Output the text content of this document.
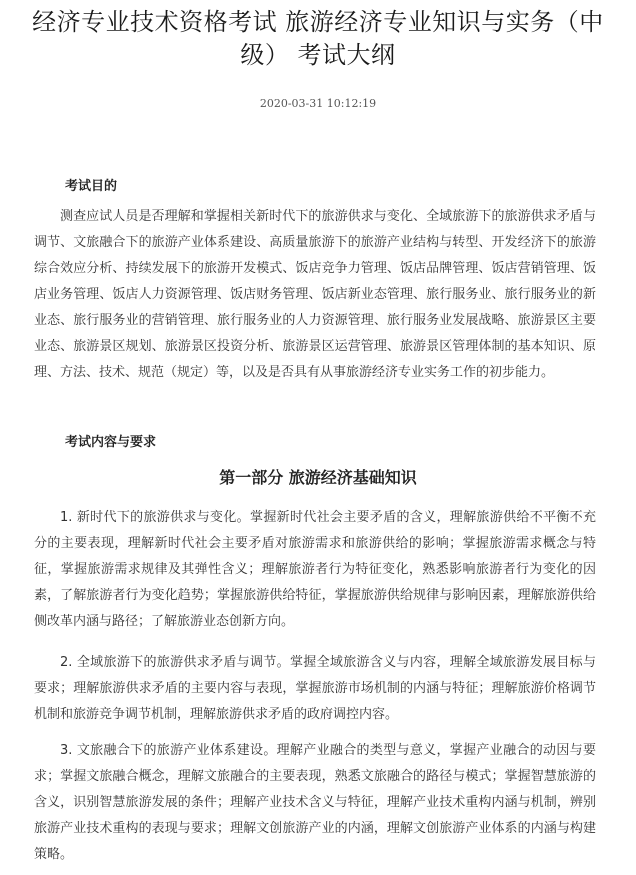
经济专业技术资格考试 旅游经济专业知识与实务（中级） 考试大纲
2020-03-31 10:12:19
考试目的

测查应试人员是否理解和掌握相关新时代下的旅游供求与变化、全域旅游下的旅游供求矛盾与调节、文旅融合下的旅游产业体系建设、高质量旅游下的旅游产业结构与转型、开发经济下的旅游综合效应分析、持续发展下的旅游开发模式、饭店竞争力管理、饭店品牌管理、饭店营销管理、饭店业务管理、饭店人力资源管理、饭店财务管理、饭店新业态管理、旅行服务业、旅行服务业的新业态、旅行服务业的营销管理、旅行服务业的人力资源管理、旅行服务业发展战略、旅游景区主要业态、旅游景区规划、旅游景区投资分析、旅游景区运营管理、旅游景区管理体制的基本知识、原理、方法、技术、规范（规定）等，以及是否具有从事旅游经济专业实务工作的初步能力。

考试内容与要求
第一部分 旅游经济基础知识

1. 新时代下的旅游供求与变化。掌握新时代社会主要矛盾的含义，理解旅游供给不平衡不充分的主要表现，理解新时代社会主要矛盾对旅游需求和旅游供给的影响；掌握旅游需求概念与特征，掌握旅游需求规律及其弹性含义；理解旅游者行为特征变化，熟悉影响旅游者行为变化的因素，了解旅游者行为变化趋势；掌握旅游供给特征，掌握旅游供给规律与影响因素，理解旅游供给侧改革内涵与路径；了解旅游业态创新方向。

2. 全域旅游下的旅游供求矛盾与调节。掌握全域旅游含义与内容，理解全域旅游发展目标与要求；理解旅游供求矛盾的主要内容与表现，掌握旅游市场机制的内涵与特征；理解旅游价格调节机制和旅游竞争调节机制，理解旅游供求矛盾的政府调控内容。

3. 文旅融合下的旅游产业体系建设。理解产业融合的类型与意义，掌握产业融合的动因与要求；掌握文旅融合概念，理解文旅融合的主要表现，熟悉文旅融合的路径与模式；掌握智慧旅游的含义，识别智慧旅游发展的条件；理解产业技术含义与特征，理解产业技术重构内涵与机制，辨别旅游产业技术重构的表现与要求；理解文创旅游产业的内涵，理解文创旅游产业体系的内涵与构建策略。
